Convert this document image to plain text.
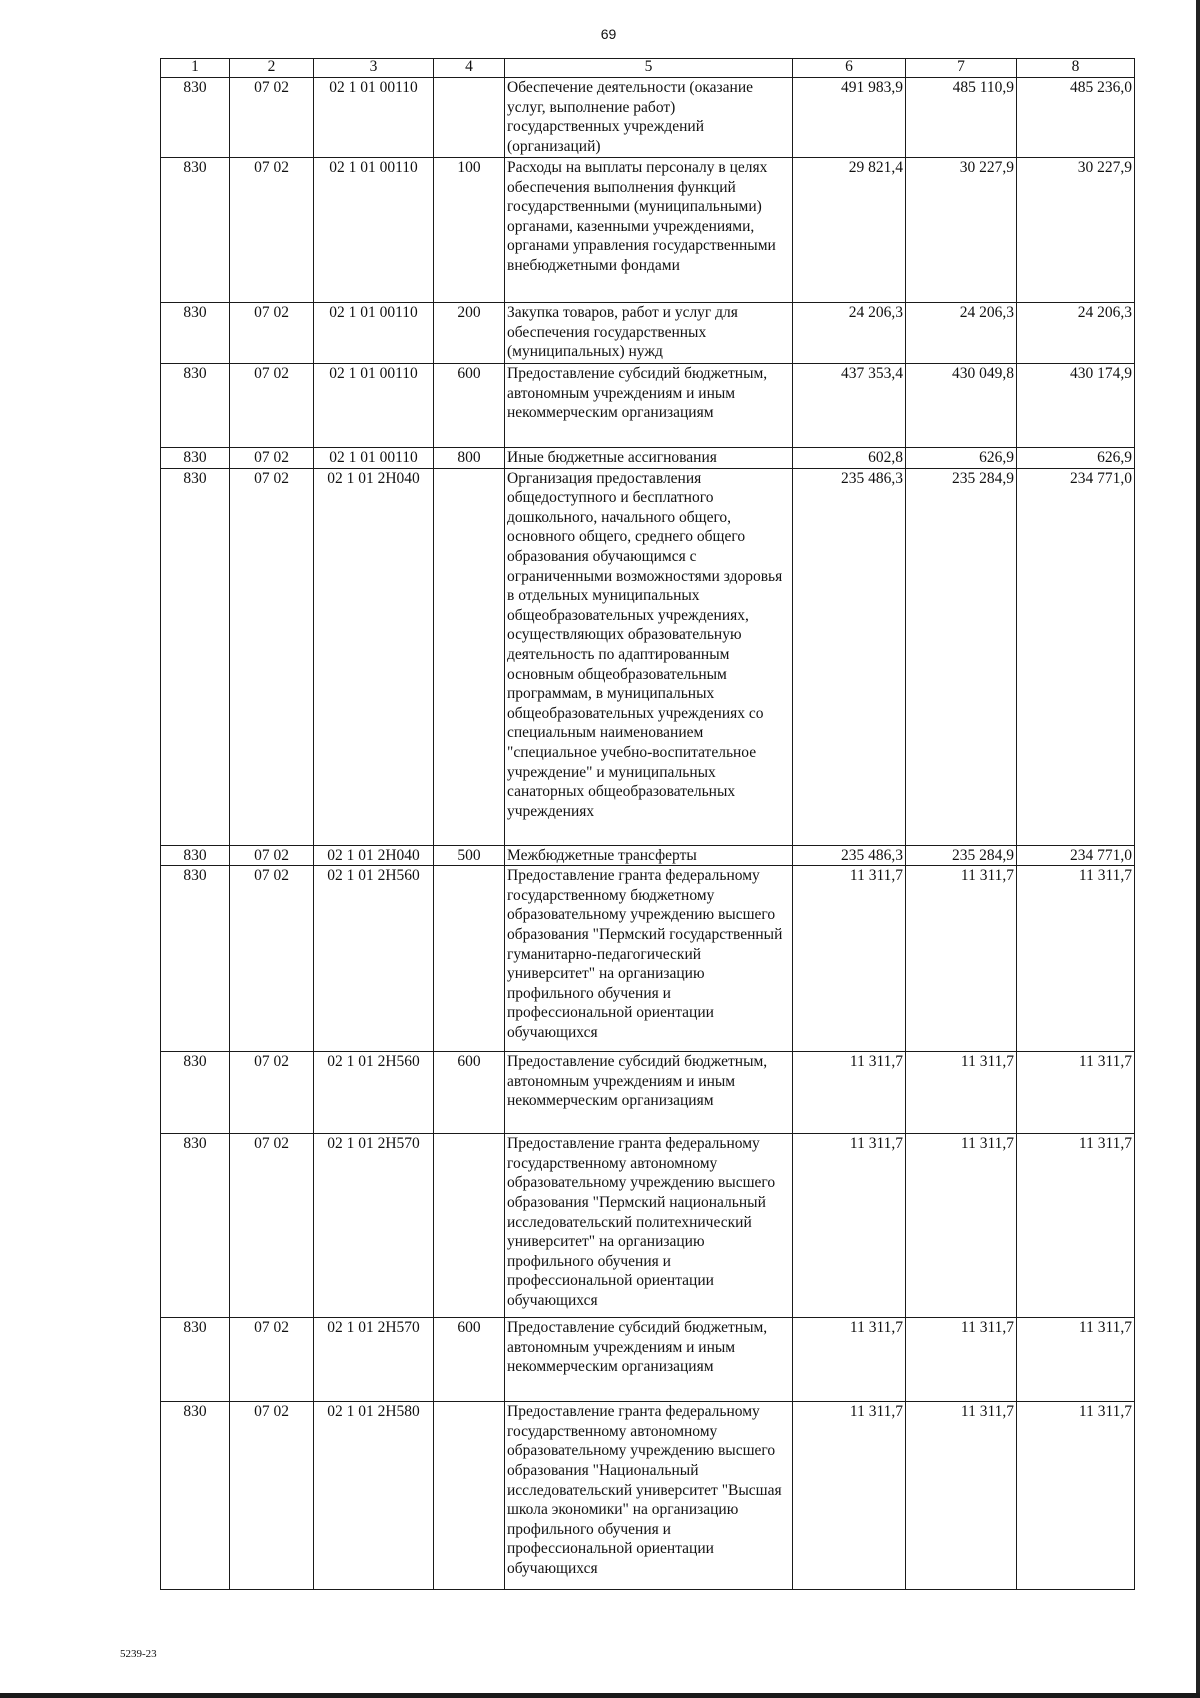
69
1	2	3	4	5	6	7	8
830	07 02	02 1 01 00110		Обеспечение деятельности (оказание услуг, выполнение работ) государственных учреждений (организаций)	491 983,9	485 110,9	485 236,0
830	07 02	02 1 01 00110	100	Расходы на выплаты персоналу в целях обеспечения выполнения функций государственными (муниципальными) органами, казенными учреждениями, органами управления государственными внебюджетными фондами	29 821,4	30 227,9	30 227,9
830	07 02	02 1 01 00110	200	Закупка товаров, работ и услуг для обеспечения государственных (муниципальных) нужд	24 206,3	24 206,3	24 206,3
830	07 02	02 1 01 00110	600	Предоставление субсидий бюджетным, автономным учреждениям и иным некоммерческим организациям	437 353,4	430 049,8	430 174,9
830	07 02	02 1 01 00110	800	Иные бюджетные ассигнования	602,8	626,9	626,9
830	07 02	02 1 01 2Н040		Организация предоставления общедоступного и бесплатного дошкольного, начального общего, основного общего, среднего общего образования обучающимся с ограниченными возможностями здоровья в отдельных муниципальных общеобразовательных учреждениях, осуществляющих образовательную деятельность по адаптированным основным общеобразовательным программам, в муниципальных общеобразовательных учреждениях со специальным наименованием "специальное учебно-воспитательное учреждение" и муниципальных санаторных общеобразовательных учреждениях	235 486,3	235 284,9	234 771,0
830	07 02	02 1 01 2Н040	500	Межбюджетные трансферты	235 486,3	235 284,9	234 771,0
830	07 02	02 1 01 2Н560		Предоставление гранта федеральному государственному бюджетному образовательному учреждению высшего образования "Пермский государственный гуманитарно-педагогический университет" на организацию профильного обучения и профессиональной ориентации обучающихся	11 311,7	11 311,7	11 311,7
830	07 02	02 1 01 2Н560	600	Предоставление субсидий бюджетным, автономным учреждениям и иным некоммерческим организациям	11 311,7	11 311,7	11 311,7
830	07 02	02 1 01 2Н570		Предоставление гранта федеральному государственному автономному образовательному учреждению высшего образования "Пермский национальный исследовательский политехнический университет" на организацию профильного обучения и профессиональной ориентации обучающихся	11 311,7	11 311,7	11 311,7
830	07 02	02 1 01 2Н570	600	Предоставление субсидий бюджетным, автономным учреждениям и иным некоммерческим организациям	11 311,7	11 311,7	11 311,7
830	07 02	02 1 01 2Н580		Предоставление гранта федеральному государственному автономному образовательному учреждению высшего образования "Национальный исследовательский университет "Высшая школа экономики" на организацию профильного обучения и профессиональной ориентации обучающихся	11 311,7	11 311,7	11 311,7
5239-23
